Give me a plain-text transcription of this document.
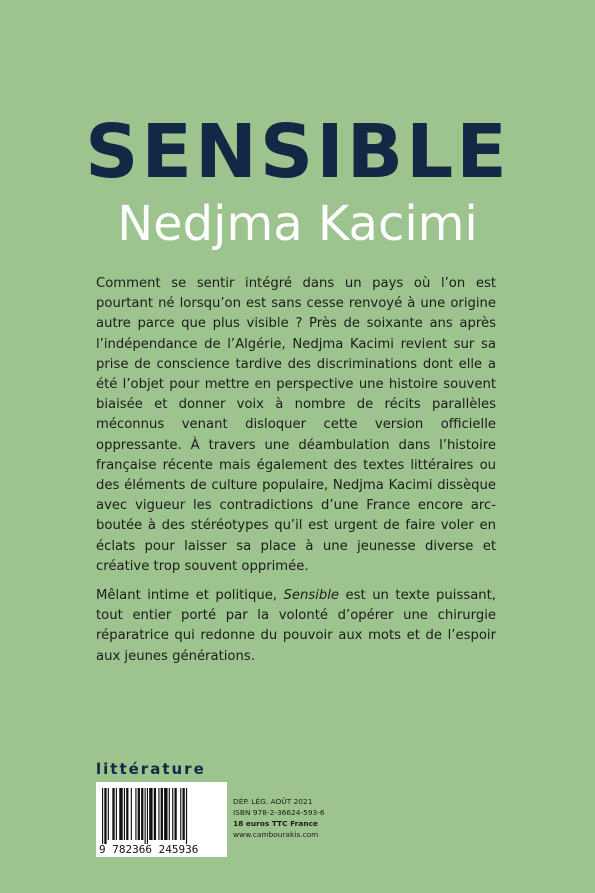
SENSIBLE
Nedjma Kacimi

Comment se sentir intégré dans un pays où l’on est pourtant né lorsqu’on est sans cesse renvoyé à une origine autre parce que plus visible ? Près de soixante ans après l’indépendance de l’Algérie, Nedjma Kacimi revient sur sa prise de conscience tardive des discriminations dont elle a été l’objet pour mettre en perspective une histoire souvent biaisée et donner voix à nombre de récits parallèles méconnus venant disloquer cette version officielle oppressante. À travers une déambulation dans l’histoire française récente mais également des textes littéraires ou des éléments de culture populaire, Nedjma Kacimi dissèque avec vigueur les contradictions d’une France encore arc-boutée à des stéréotypes qu’il est urgent de faire voler en éclats pour laisser sa place à une jeunesse diverse et créative trop souvent opprimée.

Mêlant intime et politique, Sensible est un texte puissant, tout entier porté par la volonté d’opérer une chirurgie réparatrice qui redonne du pouvoir aux mots et de l’espoir aux jeunes générations.

littérature
9 782366 245936
DÉP. LÉG. AOÛT 2021
ISBN 978-2-36624-593-6
18 euros TTC France
www.cambourakis.com
